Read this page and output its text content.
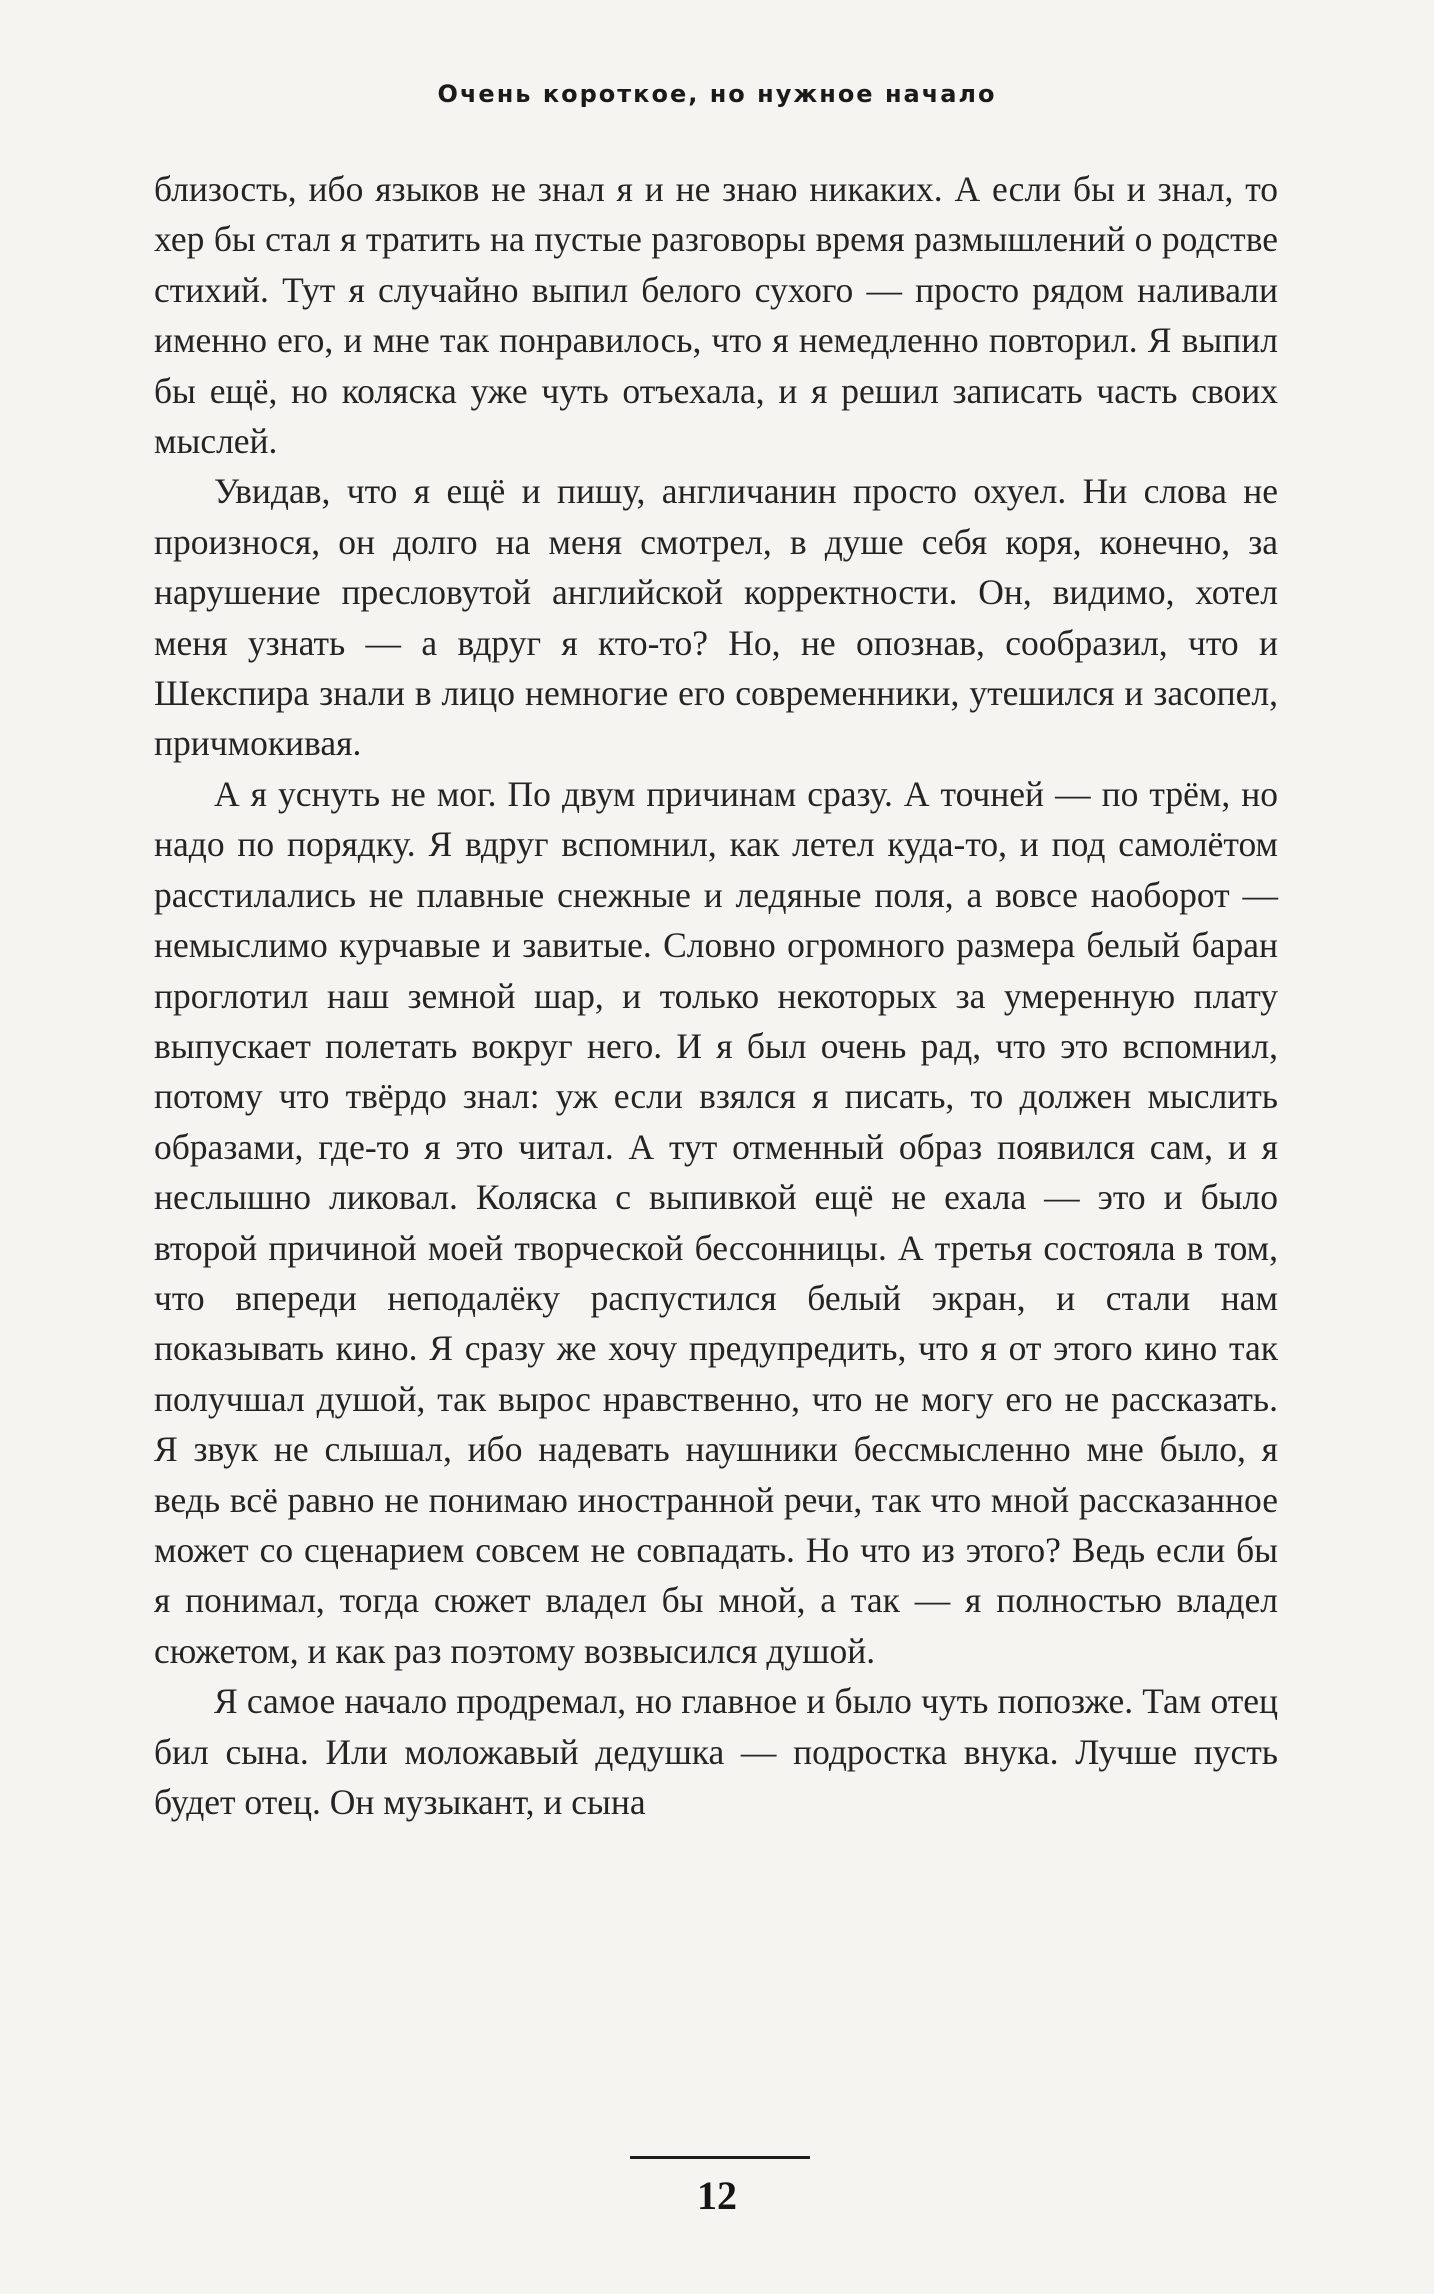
Очень короткое, но нужное начало

близость, ибо языков не знал я и не знаю никаких. А если бы и знал, то хер бы стал я тратить на пустые разговоры время размышлений о родстве стихий. Тут я случайно выпил белого сухого — просто рядом наливали именно его, и мне так понравилось, что я немедленно повторил. Я выпил бы ещё, но коляска уже чуть отъехала, и я решил записать часть своих мыслей.

Увидав, что я ещё и пишу, англичанин просто охуел. Ни слова не произнося, он долго на меня смотрел, в душе себя коря, конечно, за нарушение пресловутой английской корректности. Он, видимо, хотел меня узнать — а вдруг я кто-то? Но, не опознав, сообразил, что и Шекспира знали в лицо немногие его современники, утешился и засопел, причмокивая.

А я уснуть не мог. По двум причинам сразу. А точней — по трём, но надо по порядку. Я вдруг вспомнил, как летел куда-то, и под самолётом расстилались не плавные снежные и ледяные поля, а вовсе наоборот — немыслимо курчавые и завитые. Словно огромного размера белый баран проглотил наш земной шар, и только некоторых за умеренную плату выпускает полетать вокруг него. И я был очень рад, что это вспомнил, потому что твёрдо знал: уж если взялся я писать, то должен мыслить образами, где-то я это читал. А тут отменный образ появился сам, и я неслышно ликовал. Коляска с выпивкой ещё не ехала — это и было второй причиной моей творческой бессонницы. А третья состояла в том, что впереди неподалёку распустился белый экран, и стали нам показывать кино. Я сразу же хочу предупредить, что я от этого кино так получшал душой, так вырос нравственно, что не могу его не рассказать. Я звук не слышал, ибо надевать наушники бессмысленно мне было, я ведь всё равно не понимаю иностранной речи, так что мной рассказанное может со сценарием совсем не совпадать. Но что из этого? Ведь если бы я понимал, тогда сюжет владел бы мной, а так — я полностью владел сюжетом, и как раз поэтому возвысился душой.

Я самое начало продремал, но главное и было чуть попозже. Там отец бил сына. Или моложавый дедушка — подростка внука. Лучше пусть будет отец. Он музыкант, и сына

12
